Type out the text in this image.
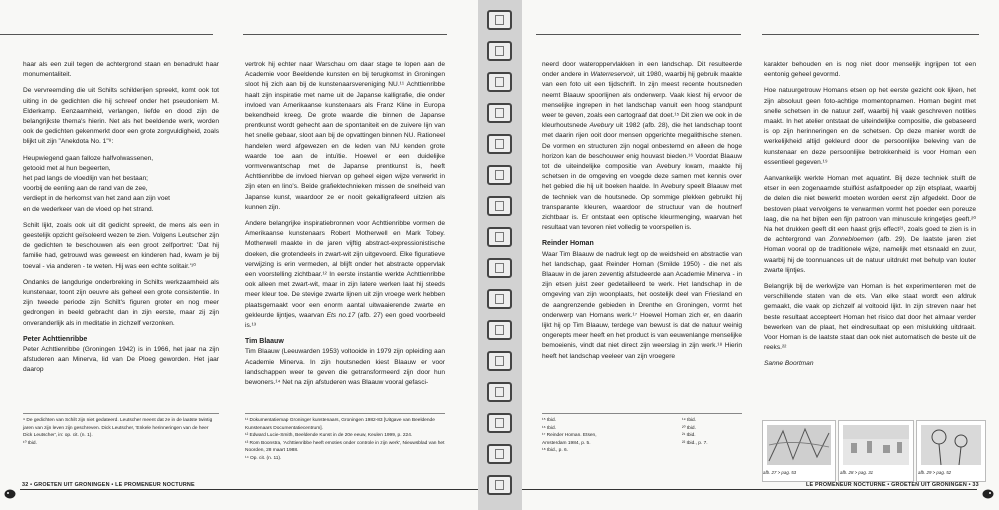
haar als een zuil tegen de achtergrond staan en benadrukt haar monumentaliteit.

De vervreemding die uit Schilts schilderijen spreekt, komt ook tot uiting in de gedichten die hij schreef onder het pseudoniem M. Elderkamp. Eenzaamheid, verlangen, liefde en dood zijn de belangrijkste thema's hierin. Net als het beeldende werk, worden ook de gedichten gekenmerkt door een grote zorgvuldigheid, zoals blijkt uit zijn "Anekdota No. 1"⁸:

Heupwiegend gaan falloze halfvolwassenen,
getooid met al hun begeerten,
het pad langs de vloedlijn van het bestaan;
voorbij de eenling aan de rand van de zee,
verdiept in de herkomst van het zand aan zijn voet
en de wederkeer van de vloed op het strand.

Schilt lijkt, zoals ook uit dit gedicht spreekt, de mens als een in geestelijk opzicht geïsoleerd wezen te zien. Volgens Leutscher zijn de gedichten te beschouwen als een groot zelfportret: 'Dat hij familie had, getrouwd was geweest en kinderen had, kwam je bij toeval - via anderen - te weten. Hij was een echte solitair.'¹⁰

Ondanks de langdurige onderbreking in Schilts werkzaamheid als kunstenaar, toont zijn oeuvre als geheel een grote consistentie. In zijn tweede periode zijn Schilt's figuren groter en nog meer gedrongen in beeld gebracht dan in zijn eerste, maar zij zijn onveranderlijk als in meditatie in zichzelf verzonken.

Peter Achttienribbe

Peter Achttienribbe (Groningen 1942) is in 1966, het jaar na zijn afstuderen aan Minerva, lid van De Ploeg geworden. Het jaar daarop

vertrok hij echter naar Warschau om daar stage te lopen aan de Academie voor Beeldende kunsten en bij terugkomst in Groningen sloot hij zich aan bij de kunstenaarsvereniging NU.¹¹ Achttienribbe haalt zijn inspiratie met name uit de Japanse kalligrafie, die onder invloed van Amerikaanse kunstenaars als Franz Kline in Europa bekendheid kreeg. De grote waarde die binnen de Japanse prentkunst wordt gehecht aan de spontaniteit en de zuivere lijn van het snelle gebaar, sloot aan bij de opvattingen binnen NU. Rationeel handelen werd afgewezen en de leden van NU kenden grote waarde toe aan de intuïtie. Hoewel er een duidelijke vormverwantschap met de Japanse prentkunst is, heeft Achttienribbe de invloed hiervan op geheel eigen wijze verwerkt in zijn eten en lino's. Beide grafiektechnieken missen de snelheid van Japanse kunst, waardoor ze er nooit gekalligrafeerd uitzien als kunnen zijn.

Andere belangrijke inspiratiebronnen voor Achttienribbe vormen de Amerikaanse kunstenaars Robert Motherwell en Mark Tobey. Motherwell maakte in de jaren vijftig abstract-expressionistische doeken, die grotendeels in zwart-wit zijn uitgevoerd. Elke figuratieve verwijzing is erin vermeden, al blijft onder het abstracte oppervlak een voorstelling zichtbaar.¹² In eerste instantie werkte Achttienribbe ook alleen met zwart-wit, maar in zijn latere werken laat hij steeds meer kleur toe. De stevige zwarte lijnen uit zijn vroege werk hebben plaatsgemaakt voor een enorm aantal uitwaaierende zwarte en gekleurde lijntjes, waarvan Ets no.17 (afb. 27) een goed voorbeeld is.¹³

Tim Blaauw

Tim Blaauw (Leeuwarden 1953) voltooide in 1979 zijn opleiding aan Academie Minerva. In zijn houtsneden kiest Blaauw er voor landschappen weer te geven die getransformeerd zijn door hun bewoners.¹⁴ Net na zijn afstuderen was Blaauw vooral gefasci-

⁹ De gedichten van Schilt zijn niet gedateerd. Leutscher meent dat ze in de laatste twintig jaren van zijn leven zijn geschreven. Dick Leutscher, 'Enkele herinneringen van de heer Dick Leutscher', in: op. cit. (n. 1).
¹⁰ Ibid.
¹¹ Dokumentatiemap Groninger kunstenaars, Groningen 1982-83 [Uitgave van Beeldende Kunstenaars Documentatiecentrum].
¹² Edward Lucie-Smith, Beeldende Kunst in de 20e eeuw, Keulen 1999, p. 224.
¹³ Rom Boonstra, 'Achttienribbe heeft emoties onder controle in zijn werk', Nieuwsblad van het Noorden, 28 maart 1988.
¹⁴ Op. cit. (n. 11).
32 • GROETEN UIT GRONINGEN • LE PROMENEUR NOCTURNE

neerd door wateroppervlakken in een landschap. Dit resulteerde onder andere in Waterreservoir, uit 1980, waarbij hij gebruik maakte van een foto uit een tijdschrift. In zijn meest recente houtsneden neemt Blaauw spoorlijnen als onderwerp. Vaak kiest hij ervoor de menselijke ingrepen in het landschap vanuit een hoog standpunt weer te geven, zoals een cartograaf dat doet.¹⁵ Dit zien we ook in de kleurhoutsnede Avebury uit 1982 (afb. 28), die het landschap toont met daarin rijen ooit door mensen opgerichte megalithische stenen. De vormen en structuren zijn nogal onbestemd en alleen de hoge horizon kan de beschouwer enig houvast bieden.¹⁶ Voordat Blaauw tot de uiteindelijke compositie van Avebury kwam, maakte hij schetsen in de omgeving en voegde deze samen met kennis over het gebied die hij uit boeken haalde. In Avebury speelt Blaauw met de techniek van de houtsnede. Op sommige plekken gebruikt hij transparante kleuren, waardoor de structuur van de houtnerf zichtbaar is. Er ontstaat een optische kleurmenging, waarvan het resultaat van tevoren niet volledig te voorspellen is.

Reinder Homan

Waar Tim Blaauw de nadruk legt op de weidsheid en abstractie van het landschap, gaat Reinder Homan (Smilde 1950) - die net als Blaauw in de jaren zeventig afstudeerde aan Academie Minerva - in zijn etsen juist zeer gedetailleerd te werk. Het landschap in de omgeving van zijn woonplaats, het oostelijk deel van Friesland en de aangrenzende gebieden in Drenthe en Groningen, vormt het onderwerp van Homans werk.¹⁷ Hoewel Homan zich er, en daarin lijkt hij op Tim Blaauw, terdege van bewust is dat de natuur weinig ongerepts meer heeft en het product is van eeuwenlange menselijke bemoeienis, vindt dat niet direct zijn weerslag in zijn werk.¹⁸ Hierin heeft het landschap veeleer van zijn vroegere

karakter behouden en is nog niet door menselijk ingrijpen tot een eentonig geheel gevormd.

Hoe natuurgetrouw Homans etsen op het eerste gezicht ook lijken, het zijn absoluut geen foto-achtige momentopnamen. Homan begint met snelle schetsen in de natuur zelf, waarbij hij vaak geschreven notities maakt. In het atelier ontstaat de uiteindelijke compositie, die gebaseerd is op zijn herinneringen en de schetsen. Op deze manier wordt de werkelijkheid altijd gekleurd door de persoonlijke beleving van de kunstenaar en deze persoonlijke betrokkenheid is voor Homan een essentieel gegeven.¹⁹

Aanvankelijk werkte Homan met aquatint. Bij deze techniek stuift de etser in een zogenaamde stuifkist asfaltpoeder op zijn etsplaat, waarbij de delen die niet bewerkt moeten worden eerst zijn afgedekt. Door de bestoven plaat vervolgens te verwarmen vormt het poeder een poreuze laag, die na het bijten een fijn patroon van minuscule kringetjes geeft.²⁰ Na het drukken geeft dit een haast grijs effect²¹, zoals goed te zien is in de achtergrond van Zonnebloemen (afb. 29). De laatste jaren ziet Homan vooral op de traditionele wijze, namelijk met etsnaald en zuur, waarbij hij de toonnuances uit de natuur uitdrukt met behulp van louter zwarte lijntjes.

Belangrijk bij de werkwijze van Homan is het experimenteren met de verschillende staten van de ets. Van elke staat wordt een afdruk gemaakt, die vaak op zichzelf al voltooid lijkt. In zijn streven naar het beste resultaat accepteert Homan het risico dat door het almaar verder bewerken van de plaat, het eindresultaat op een mislukking uitdraait. Voor Homan is de laatste staat dan ook niet automatisch de beste uit de reeks.²²

Sanne Boortman

¹⁵ Ibid.
¹⁶ Ibid.
¹⁷ Reinder Homan. Etsen, Amsterdam 1984, p. 5.
¹⁸ Ibid., p. 6.
¹⁹ Ibid.
²⁰ Ibid.
²¹ Ibid.
²² Ibid., p. 7.
afb. 27 > pag. 53	afb. 28 > pag. 31	afb. 29 > pag. 52
LE PROMENEUR NOCTURNE • GROETEN UIT GRONINGEN • 33
